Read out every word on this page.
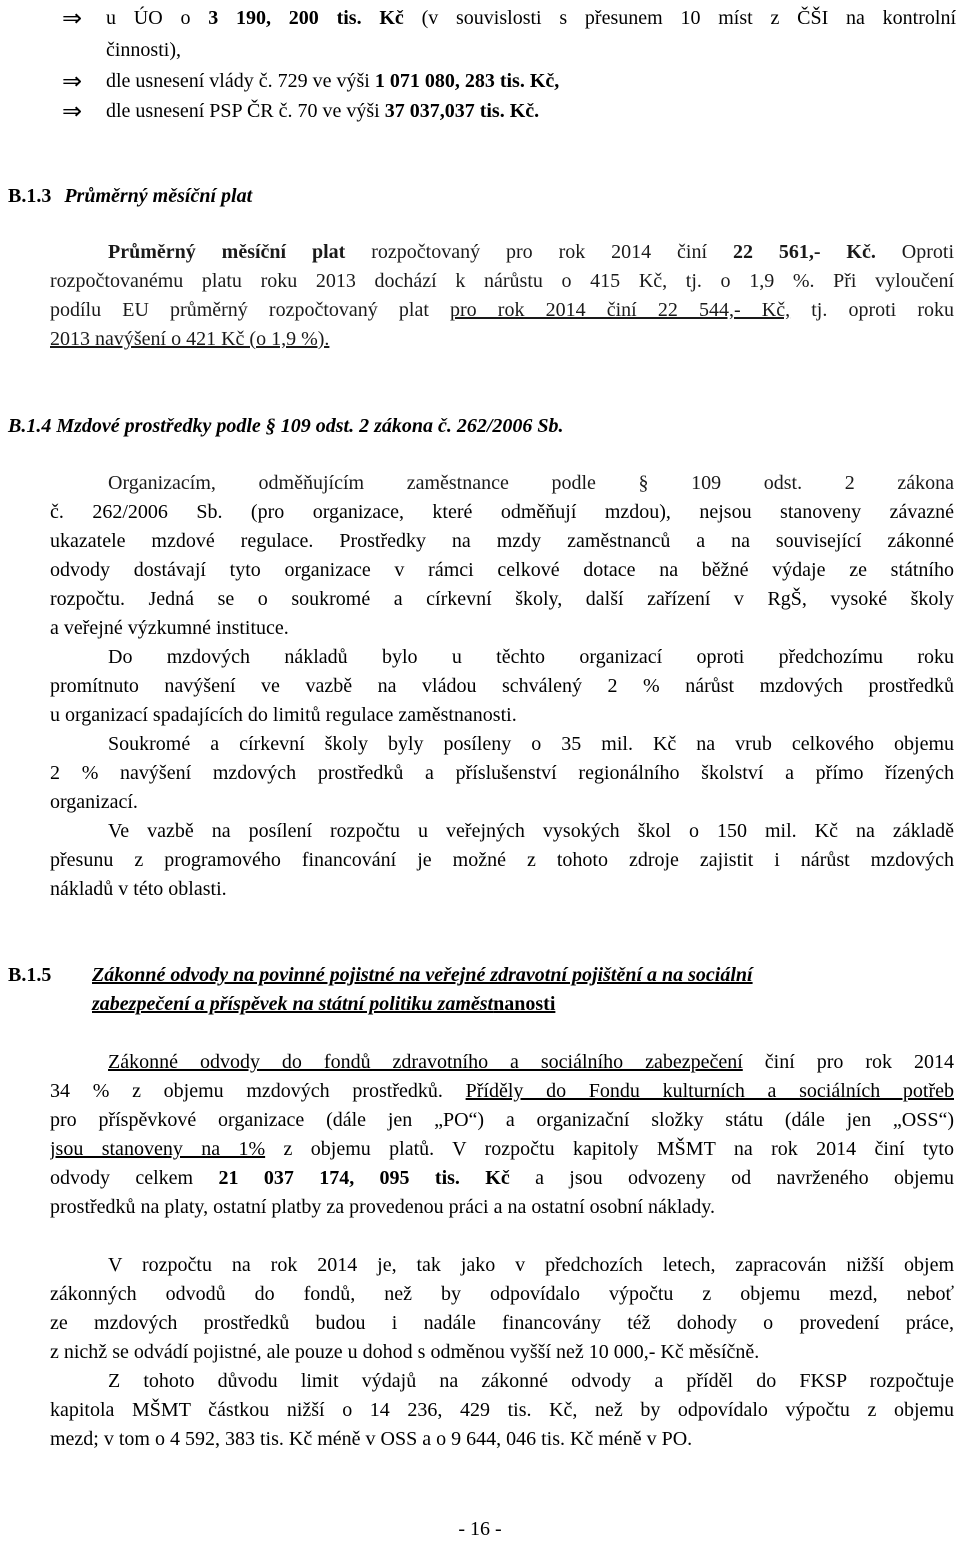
⇒ u ÚO o 3 190, 200 tis. Kč (v souvislosti s přesunem 10 míst z ČŠI na kontrolní
činnosti),
⇒ dle usnesení vlády č. 729 ve výši 1 071 080, 283 tis. Kč,
⇒ dle usnesení PSP ČR č. 70 ve výši 37 037,037 tis. Kč.
B.1.3 Průměrný měsíční plat
Průměrný měsíční plat rozpočtovaný pro rok 2014 činí 22 561,- Kč. Oproti
rozpočtovanému platu roku 2013 dochází k nárůstu o 415 Kč, tj. o 1,9 %. Při vyloučení
podílu EU průměrný rozpočtovaný plat pro rok 2014 činí 22 544,- Kč, tj. oproti roku
2013 navýšení o 421 Kč (o 1,9 %).
B.1.4 Mzdové prostředky podle § 109 odst. 2 zákona č. 262/2006 Sb.
Organizacím, odměňujícím zaměstnance podle § 109 odst. 2 zákona
č. 262/2006 Sb. (pro organizace, které odměňují mzdou), nejsou stanoveny závazné
ukazatele mzdové regulace. Prostředky na mzdy zaměstnanců a na související zákonné
odvody dostávají tyto organizace v rámci celkové dotace na běžné výdaje ze státního
rozpočtu. Jedná se o soukromé a církevní školy, další zařízení v RgŠ, vysoké školy
a veřejné výzkumné instituce.
Do mzdových nákladů bylo u těchto organizací oproti předchozímu roku
promítnuto navýšení ve vazbě na vládou schválený 2 % nárůst mzdových prostředků
u organizací spadajících do limitů regulace zaměstnanosti.
Soukromé a církevní školy byly posíleny o 35 mil. Kč na vrub celkového objemu
2 % navýšení mzdových prostředků a příslušenství regionálního školství a přímo řízených
organizací.
Ve vazbě na posílení rozpočtu u veřejných vysokých škol o 150 mil. Kč na základě
přesunu z programového financování je možné z tohoto zdroje zajistit i nárůst mzdových
nákladů v této oblasti.
B.1.5 Zákonné odvody na povinné pojistné na veřejné zdravotní pojištění a na sociální
zabezpečení a příspěvek na státní politiku zaměstnanosti
Zákonné odvody do fondů zdravotního a sociálního zabezpečení činí pro rok 2014
34 % z objemu mzdových prostředků. Příděly do Fondu kulturních a sociálních potřeb
pro příspěvkové organizace (dále jen „PO“) a organizační složky státu (dále jen „OSS“)
jsou stanoveny na 1% z objemu platů. V rozpočtu kapitoly MŠMT na rok 2014 činí tyto
odvody celkem 21 037 174, 095 tis. Kč a jsou odvozeny od navrženého objemu
prostředků na platy, ostatní platby za provedenou práci a na ostatní osobní náklady.
V rozpočtu na rok 2014 je, tak jako v předchozích letech, zapracován nižší objem
zákonných odvodů do fondů, než by odpovídalo výpočtu z objemu mezd, neboť
ze mzdových prostředků budou i nadále financovány též dohody o provedení práce,
z nichž se odvádí pojistné, ale pouze u dohod s odměnou vyšší než 10 000,- Kč měsíčně.
Z tohoto důvodu limit výdajů na zákonné odvody a příděl do FKSP rozpočtuje
kapitola MŠMT částkou nižší o 14 236, 429 tis. Kč, než by odpovídalo výpočtu z objemu
mezd; v tom o 4 592, 383 tis. Kč méně v OSS a o 9 644, 046 tis. Kč méně v PO.
- 16 -
